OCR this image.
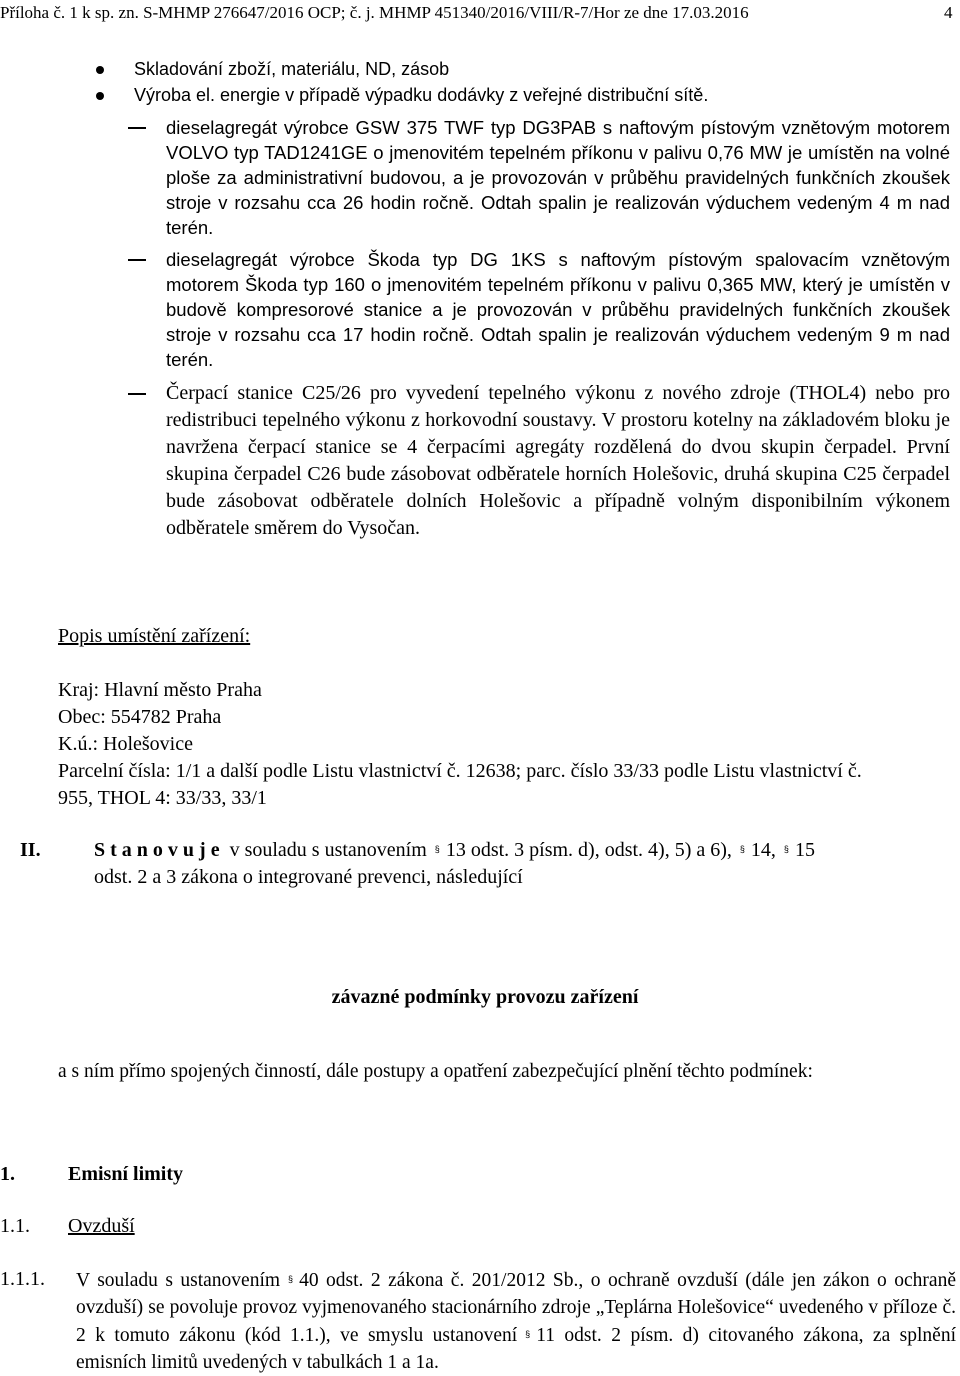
Příloha č. 1 k sp. zn. S-MHMP 276647/2016 OCP; č. j. MHMP 451340/2016/VIII/R-7/Hor ze dne 17.03.2016	4
Skladování zboží, materiálu, ND, zásob
Výroba el. energie v případě výpadku dodávky z veřejné distribuční sítě.
dieselagregát výrobce GSW 375 TWF typ DG3PAB s naftovým pístovým vznětovým motorem VOLVO typ TAD1241GE o jmenovitém tepelném příkonu v palivu 0,76 MW je umístěn na volné ploše za administrativní budovou, a je provozován v průběhu pravidelných funkčních zkoušek stroje v rozsahu cca 26 hodin ročně. Odtah spalin je realizován výduchem vedeným 4 m nad terén.
dieselagregát výrobce Škoda typ DG 1KS s naftovým pístovým spalovacím vznětovým motorem Škoda typ 160 o jmenovitém tepelném příkonu v palivu 0,365 MW, který je umístěn v budově kompresorové stanice a je provozován v průběhu pravidelných funkčních zkoušek stroje v rozsahu cca 17 hodin ročně. Odtah spalin je realizován výduchem vedeným 9 m nad terén.
Čerpací stanice C25/26 pro vyvedení tepelného výkonu z nového zdroje (THOL4) nebo pro redistribuci tepelného výkonu z horkovodní soustavy. V prostoru kotelny na základovém bloku je navržena čerpací stanice se 4 čerpacími agregáty rozdělená do dvou skupin čerpadel. První skupina čerpadel C26 bude zásobovat odběratele horních Holešovic, druhá skupina C25 čerpadel bude zásobovat odběratele dolních Holešovic a případně volným disponibilním výkonem odběratele směrem do Vysočan.
Popis umístění zařízení:
Kraj: Hlavní město Praha
Obec: 554782 Praha
K.ú.: Holešovice
Parcelní čísla: 1/1 a další podle Listu vlastnictví č. 12638; parc. číslo 33/33 podle Listu vlastnictví č. 955, THOL 4: 33/33, 33/1
II.	Stanovuje v souladu s ustanovením § 13 odst. 3 písm. d), odst. 4), 5) a 6), § 14, § 15
odst. 2 a 3 zákona o integrované prevenci, následující
závazné podmínky provozu zařízení
a s ním přímo spojených činností, dále postupy a opatření zabezpečující plnění těchto podmínek:
1.	Emisní limity
1.1. Ovzduší
1.1.1. V souladu s ustanovením § 40 odst. 2 zákona č. 201/2012 Sb., o ochraně ovzduší (dále jen zákon o ochraně ovzduší) se povoluje provoz vyjmenovaného stacionárního zdroje „Teplárna Holešovice“ uvedeného v příloze č. 2 k tomuto zákonu (kód 1.1.), ve smyslu ustanovení § 11 odst. 2 písm. d) citovaného zákona, za splnění emisních limitů uvedených v tabulkách 1 a 1a.
